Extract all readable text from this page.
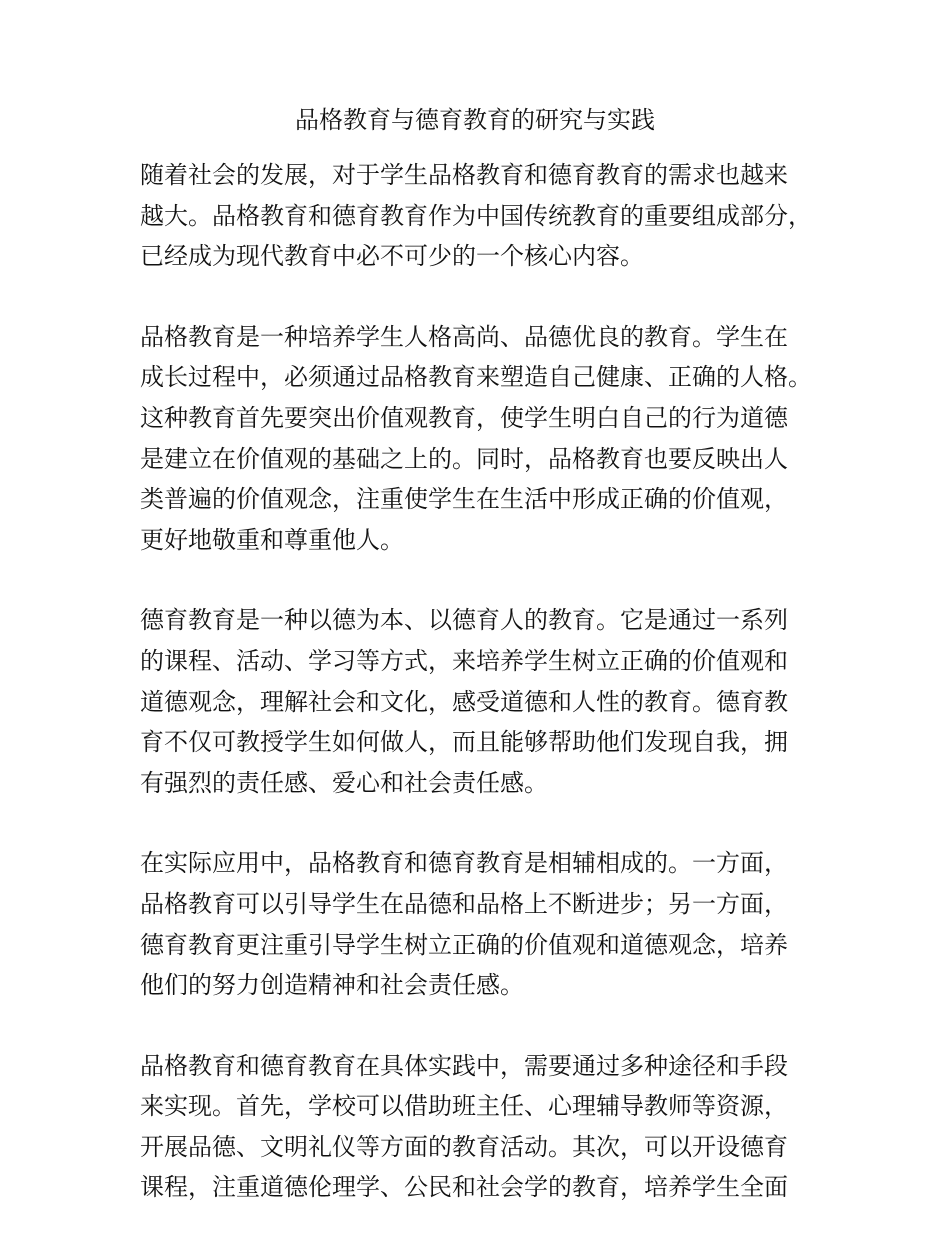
品格教育与德育教育的研究与实践
随着社会的发展，对于学生品格教育和德育教育的需求也越来
越大。品格教育和德育教育作为中国传统教育的重要组成部分，
已经成为现代教育中必不可少的一个核心内容。
品格教育是一种培养学生人格高尚、品德优良的教育。学生在
成长过程中，必须通过品格教育来塑造自己健康、正确的人格。
这种教育首先要突出价值观教育，使学生明白自己的行为道德
是建立在价值观的基础之上的。同时，品格教育也要反映出人
类普遍的价值观念，注重使学生在生活中形成正确的价值观，
更好地敬重和尊重他人。
德育教育是一种以德为本、以德育人的教育。它是通过一系列
的课程、活动、学习等方式，来培养学生树立正确的价值观和
道德观念，理解社会和文化，感受道德和人性的教育。德育教
育不仅可教授学生如何做人，而且能够帮助他们发现自我，拥
有强烈的责任感、爱心和社会责任感。
在实际应用中，品格教育和德育教育是相辅相成的。一方面，
品格教育可以引导学生在品德和品格上不断进步；另一方面，
德育教育更注重引导学生树立正确的价值观和道德观念，培养
他们的努力创造精神和社会责任感。
品格教育和德育教育在具体实践中，需要通过多种途径和手段
来实现。首先，学校可以借助班主任、心理辅导教师等资源，
开展品德、文明礼仪等方面的教育活动。其次，可以开设德育
课程，注重道德伦理学、公民和社会学的教育，培养学生全面
